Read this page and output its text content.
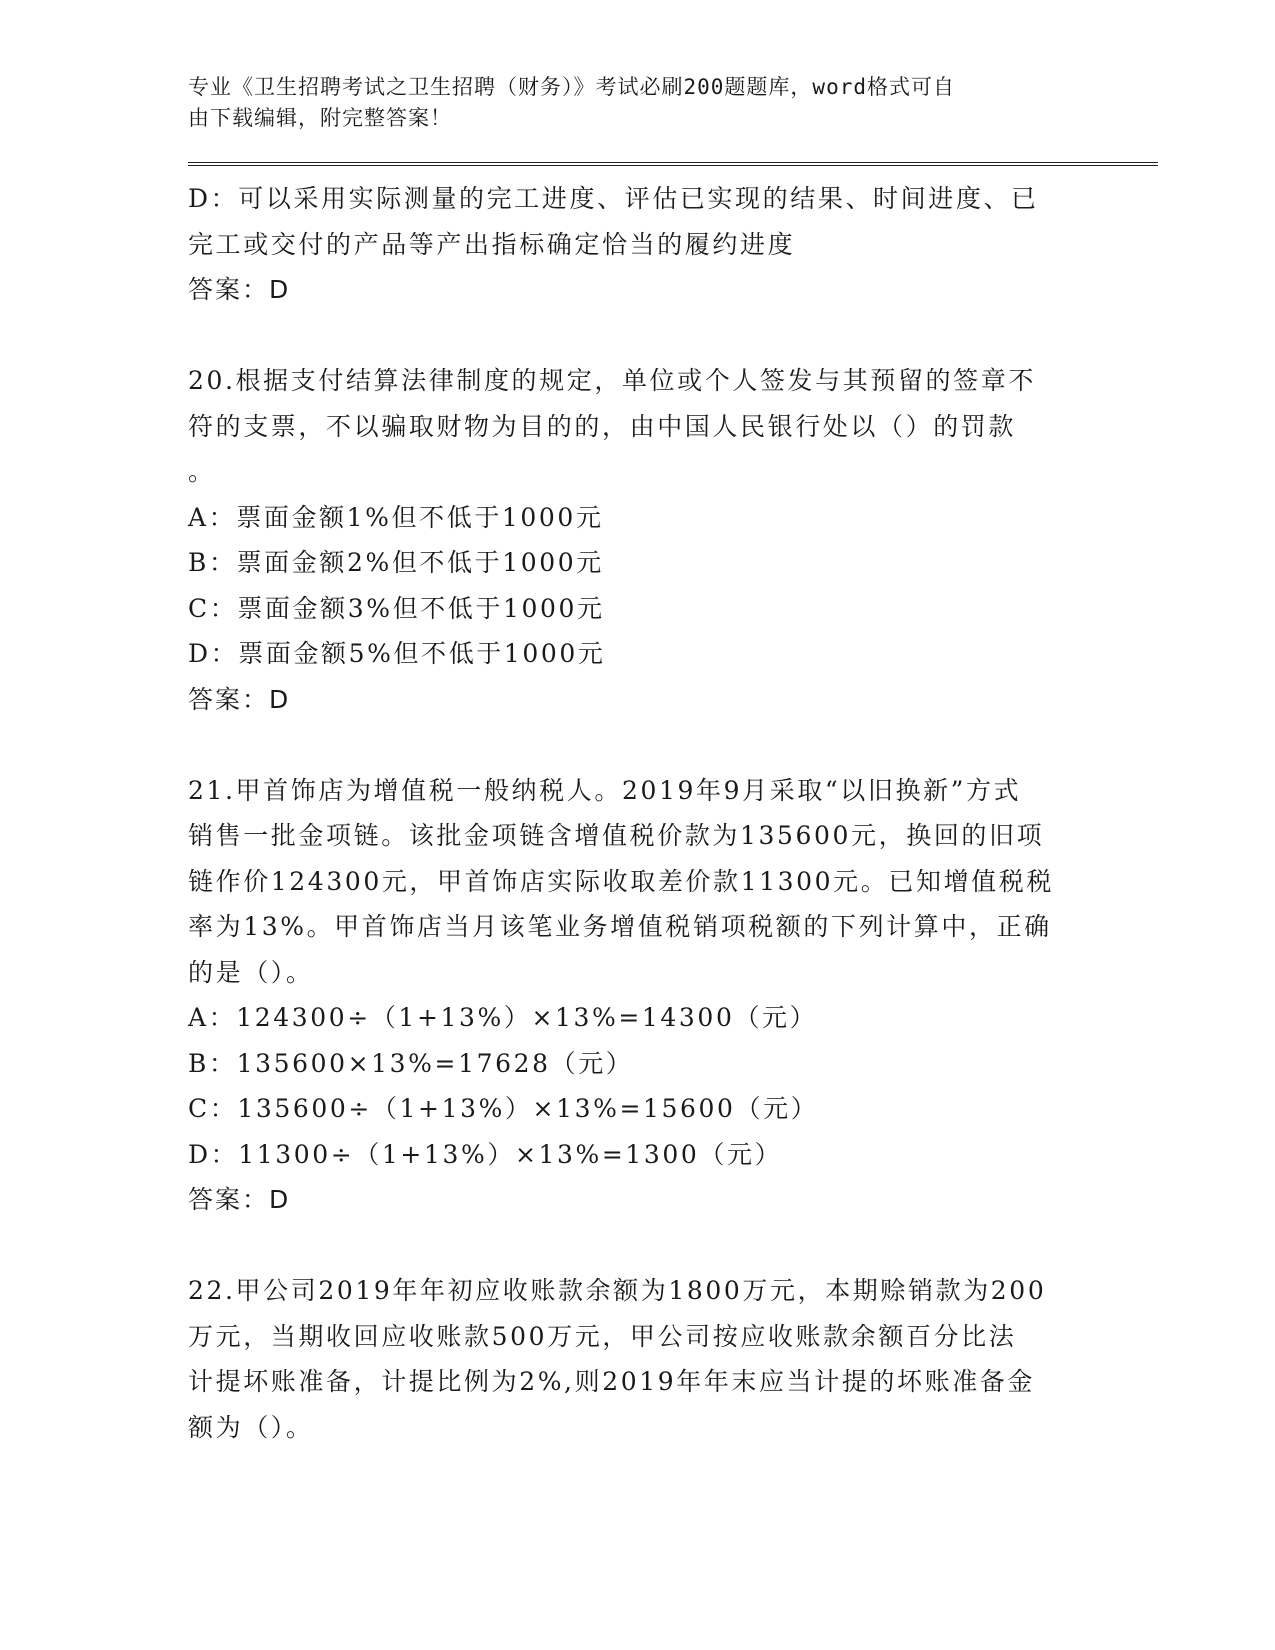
专业《卫生招聘考试之卫生招聘（财务）》考试必刷200题题库，word格式可自
由下载编辑，附完整答案！
D：可以采用实际测量的完工进度、评估已实现的结果、时间进度、已
完工或交付的产品等产出指标确定恰当的履约进度
答案：D
20.根据支付结算法律制度的规定，单位或个人签发与其预留的签章不
符的支票，不以骗取财物为目的的，由中国人民银行处以（）的罚款
。
A：票面金额1%但不低于1000元
B：票面金额2%但不低于1000元
C：票面金额3%但不低于1000元
D：票面金额5%但不低于1000元
答案：D
21.甲首饰店为增值税一般纳税人。2019年9月采取“以旧换新”方式
销售一批金项链。该批金项链含增值税价款为135600元，换回的旧项
链作价124300元，甲首饰店实际收取差价款11300元。已知增值税税
率为13%。甲首饰店当月该笔业务增值税销项税额的下列计算中，正确
的是（）。
A：124300÷（1+13%）×13%=14300（元）
B：135600×13%=17628（元）
C：135600÷（1+13%）×13%=15600（元）
D：11300÷（1+13%）×13%=1300（元）
答案：D
22.甲公司2019年年初应收账款余额为1800万元，本期赊销款为200
万元，当期收回应收账款500万元，甲公司按应收账款余额百分比法
计提坏账准备，计提比例为2%,则2019年年末应当计提的坏账准备金
额为（）。
